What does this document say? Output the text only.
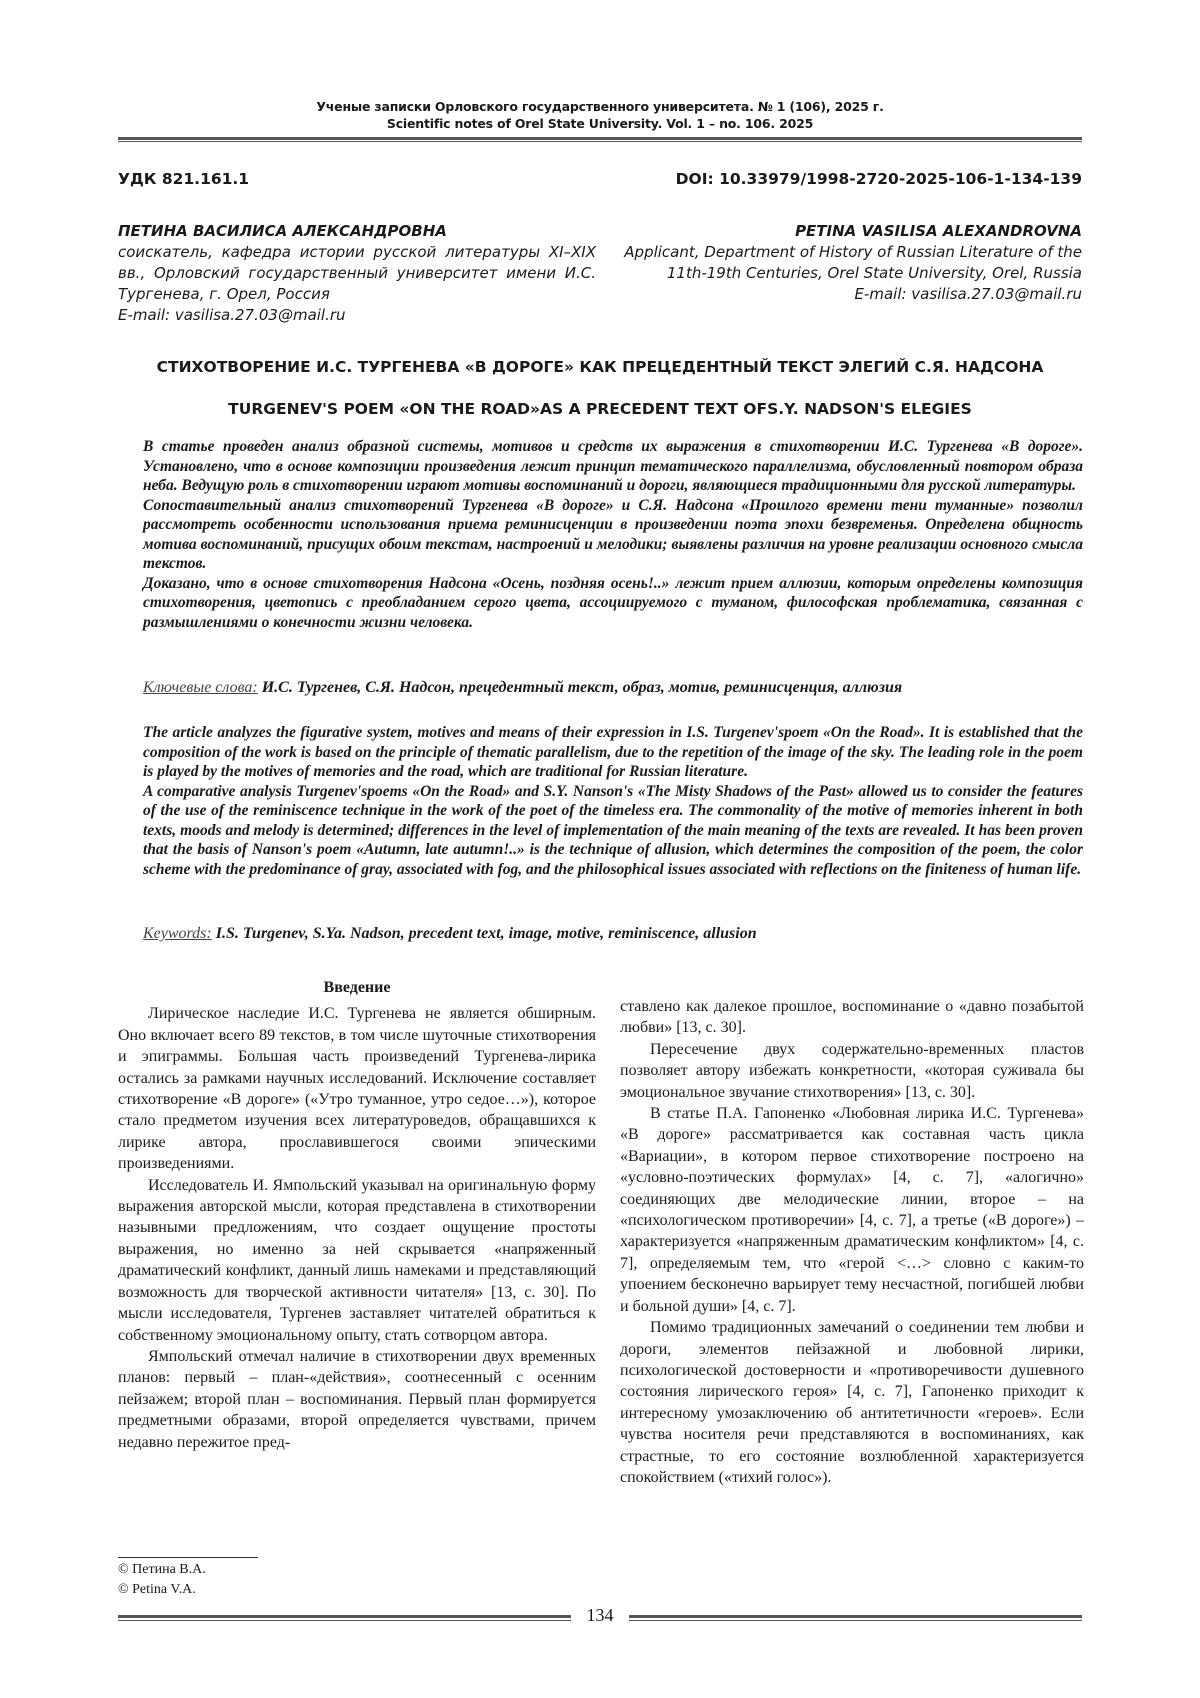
Ученые записки Орловского государственного университета. № 1 (106), 2025 г.
Scientific notes of Orel State University. Vol. 1 – no. 106. 2025
УДК 821.161.1	DOI: 10.33979/1998-2720-2025-106-1-134-139
ПЕТИНА ВАСИЛИСА АЛЕКСАНДРОВНА
соискатель, кафедра истории русской литературы XI–XIX вв., Орловский государственный университет имени И.С. Тургенева, г. Орел, Россия
E-mail: vasilisa.27.03@mail.ru
PETINA VASILISA ALEXANDROVNA
Applicant, Department of History of Russian Literature of the
11th-19th Centuries, Orel State University, Orel, Russia
E-mail: vasilisa.27.03@mail.ru
СТИХОТВОРЕНИЕ И.С. ТУРГЕНЕВА «В ДОРОГЕ» КАК ПРЕЦЕДЕНТНЫЙ ТЕКСТ ЭЛЕГИЙ С.Я. НАДСОНА
TURGENEV'S POEM «ON THE ROAD»AS A PRECEDENT TEXT OFS.Y. NADSON'S ELEGIES

В статье проведен анализ образной системы, мотивов и средств их выражения в стихотворении И.С. Тургенева «В дороге». Установлено, что в основе композиции произведения лежит принцип тематического параллелизма, обусловленный повтором образа неба. Ведущую роль в стихотворении играют мотивы воспоминаний и дороги, являющиеся традиционными для русской литературы.

Сопоставительный анализ стихотворений Тургенева «В дороге» и С.Я. Надсона «Прошлого времени тени туманные» позволил рассмотреть особенности использования приема реминисценции в произведении поэта эпохи безвременья. Определена общность мотива воспоминаний, присущих обоим текстам, настроений и мелодики; выявлены различия на уровне реализации основного смысла текстов.

Доказано, что в основе стихотворения Надсона «Осень, поздняя осень!..» лежит прием аллюзии, которым определены композиция стихотворения, цветопись с преобладанием серого цвета, ассоциируемого с туманом, философская проблематика, связанная с размышлениями о конечности жизни человека.

Ключевые слова: И.С. Тургенев, С.Я. Надсон, прецедентный текст, образ, мотив, реминисценция, аллюзия

The article analyzes the figurative system, motives and means of their expression in I.S. Turgenev'spoem «On the Road». It is established that the composition of the work is based on the principle of thematic parallelism, due to the repetition of the image of the sky. The leading role in the poem is played by the motives of memories and the road, which are traditional for Russian literature.

A comparative analysis Turgenev'spoems «On the Road» and S.Y. Nanson's «The Misty Shadows of the Past» allowed us to consider the features of the use of the reminiscence technique in the work of the poet of the timeless era. The commonality of the motive of memories inherent in both texts, moods and melody is determined; differences in the level of implementation of the main meaning of the texts are revealed. It has been proven that the basis of Nanson's poem «Autumn, late autumn!..» is the technique of allusion, which determines the composition of the poem, the color scheme with the predominance of gray, associated with fog, and the philosophical issues associated with reflections on the finiteness of human life.

Keywords: I.S. Turgenev, S.Ya. Nadson, precedent text, image, motive, reminiscence, allusion
Введение

Лирическое наследие И.С. Тургенева не является обширным. Оно включает всего 89 текстов, в том числе шуточные стихотворения и эпиграммы. Большая часть произведений Тургенева-лирика остались за рамками научных исследований. Исключение составляет стихотворение «В дороге» («Утро туманное, утро седое…»), которое стало предметом изучения всех литературоведов, обращавшихся к лирике автора, прославившегося своими эпическими произведениями.

Исследователь И. Ямпольский указывал на оригинальную форму выражения авторской мысли, которая представлена в стихотворении назывными предложениям, что создает ощущение простоты выражения, но именно за ней скрывается «напряженный драматический конфликт, данный лишь намеками и представляющий возможность для творческой активности читателя» [13, с. 30]. По мысли исследователя, Тургенев заставляет читателей обратиться к собственному эмоциональному опыту, стать сотворцом автора.

Ямпольский отмечал наличие в стихотворении двух временных планов: первый – план-«действия», соотнесенный с осенним пейзажем; второй план – воспоминания. Первый план формируется предметными образами, второй определяется чувствами, причем недавно пережитое пред-

ставлено как далекое прошлое, воспоминание о «давно позабытой любви» [13, с. 30].

Пересечение двух содержательно-временных пластов позволяет автору избежать конкретности, «которая суживала бы эмоциональное звучание стихотворения» [13, с. 30].

В статье П.А. Гапоненко «Любовная лирика И.С. Тургенева» «В дороге» рассматривается как составная часть цикла «Вариации», в котором первое стихотворение построено на «условно-поэтических формулах» [4, с. 7], «алогично» соединяющих две мелодические линии, второе – на «психологическом противоречии» [4, с. 7], а третье («В дороге») – характеризуется «напряженным драматическим конфликтом» [4, с. 7], определяемым тем, что «герой <…> словно с каким-то упоением бесконечно варьирует тему несчастной, погибшей любви и больной души» [4, с. 7].

Помимо традиционных замечаний о соединении тем любви и дороги, элементов пейзажной и любовной лирики, психологической достоверности и «противоречивости душевного состояния лирического героя» [4, с. 7], Гапоненко приходит к интересному умозаключению об антитетичности «героев». Если чувства носителя речи представляются в воспоминаниях, как страстные, то его состояние возлюбленной характеризуется спокойствием («тихий голос»).

© Петина В.А.
© Petina V.A.
134
